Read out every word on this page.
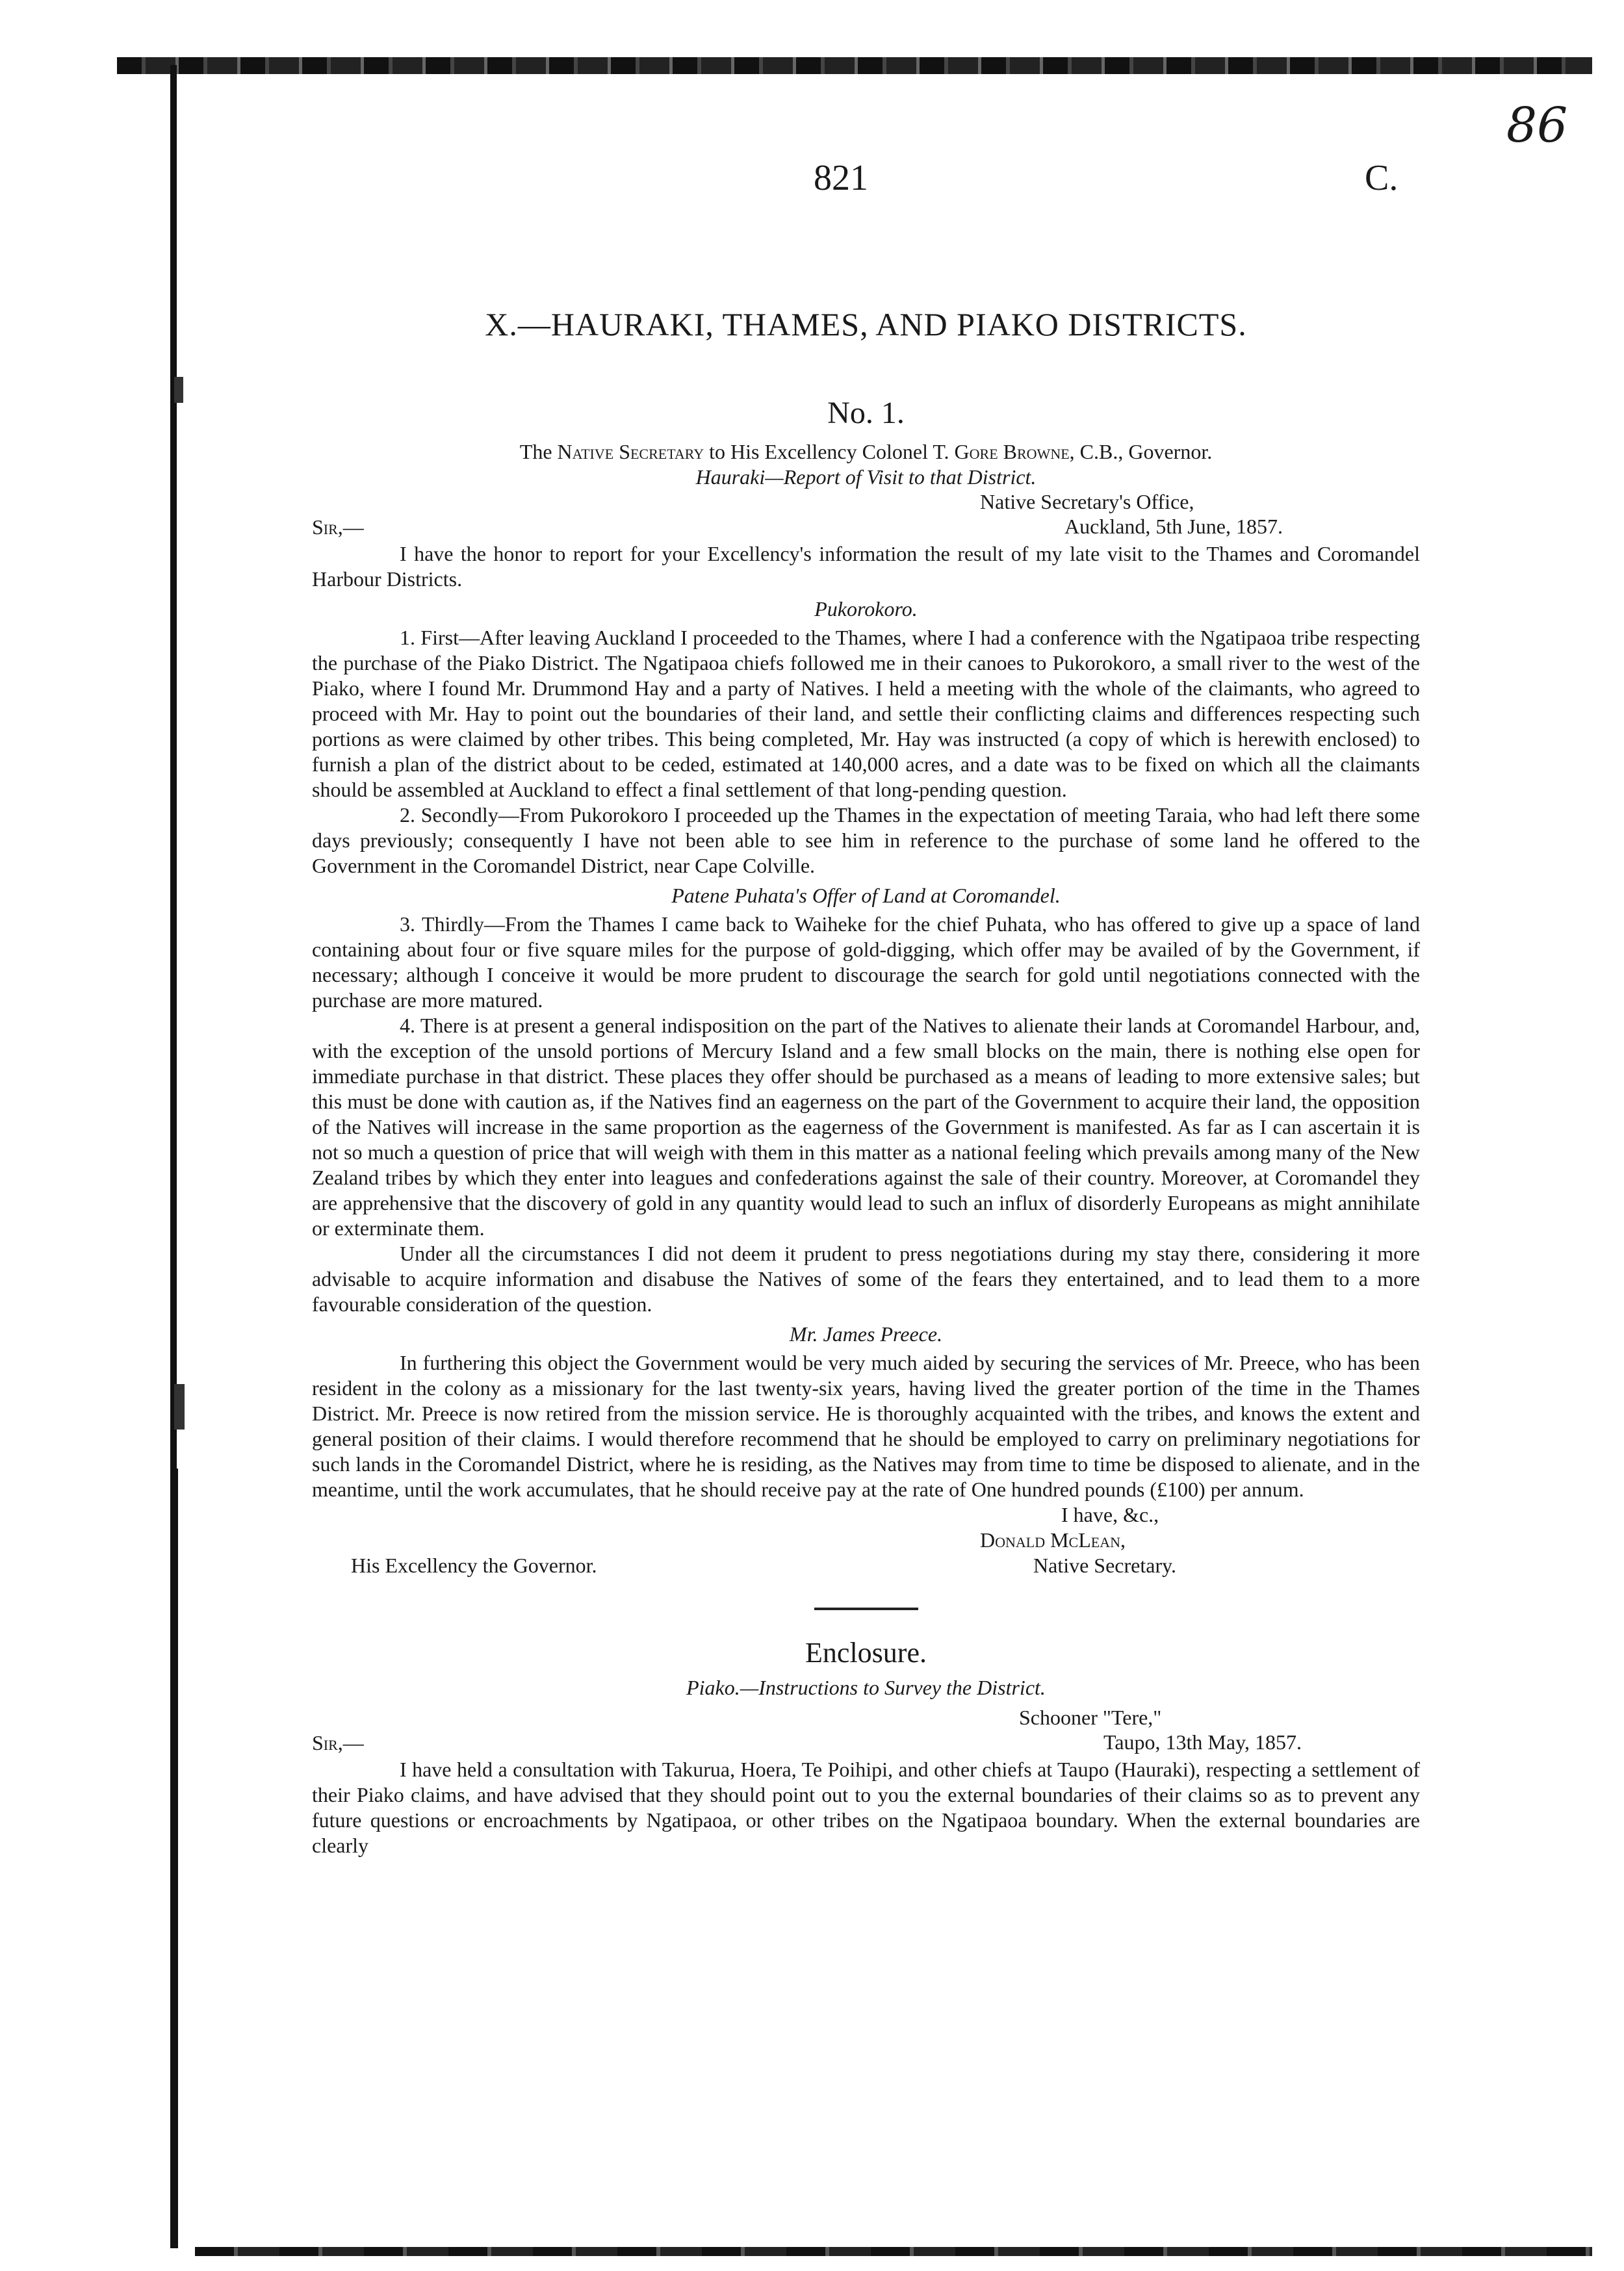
86
821	C.
X.—HAURAKI, THAMES, AND PIAKO DISTRICTS.
No. 1.
The Native Secretary to His Excellency Colonel T. Gore Browne, C.B., Governor.
Hauraki—Report of Visit to that District.
Native Secretary's Office,
Auckland, 5th June, 1857.
Sir,—

I have the honor to report for your Excellency's information the result of my late visit to the Thames and Coromandel Harbour Districts.

Pukorokoro.

1. First—After leaving Auckland I proceeded to the Thames, where I had a conference with the Ngatipaoa tribe respecting the purchase of the Piako District. The Ngatipaoa chiefs followed me in their canoes to Pukorokoro, a small river to the west of the Piako, where I found Mr. Drummond Hay and a party of Natives. I held a meeting with the whole of the claimants, who agreed to proceed with Mr. Hay to point out the boundaries of their land, and settle their conflicting claims and differences respecting such portions as were claimed by other tribes. This being completed, Mr. Hay was instructed (a copy of which is herewith enclosed) to furnish a plan of the district about to be ceded, estimated at 140,000 acres, and a date was to be fixed on which all the claimants should be assembled at Auckland to effect a final settlement of that long-pending question.

2. Secondly—From Pukorokoro I proceeded up the Thames in the expectation of meeting Taraia, who had left there some days previously; consequently I have not been able to see him in reference to the purchase of some land he offered to the Government in the Coromandel District, near Cape Colville.

Patene Puhata's Offer of Land at Coromandel.

3. Thirdly—From the Thames I came back to Waiheke for the chief Puhata, who has offered to give up a space of land containing about four or five square miles for the purpose of gold-digging, which offer may be availed of by the Government, if necessary; although I conceive it would be more prudent to discourage the search for gold until negotiations connected with the purchase are more matured.

4. There is at present a general indisposition on the part of the Natives to alienate their lands at Coromandel Harbour, and, with the exception of the unsold portions of Mercury Island and a few small blocks on the main, there is nothing else open for immediate purchase in that district. These places they offer should be purchased as a means of leading to more extensive sales; but this must be done with caution as, if the Natives find an eagerness on the part of the Government to acquire their land, the opposition of the Natives will increase in the same proportion as the eagerness of the Government is manifested. As far as I can ascertain it is not so much a question of price that will weigh with them in this matter as a national feeling which prevails among many of the New Zealand tribes by which they enter into leagues and confederations against the sale of their country. Moreover, at Coromandel they are apprehensive that the discovery of gold in any quantity would lead to such an influx of disorderly Europeans as might annihilate or exterminate them.

Under all the circumstances I did not deem it prudent to press negotiations during my stay there, considering it more advisable to acquire information and disabuse the Natives of some of the fears they entertained, and to lead them to a more favourable consideration of the question.

Mr. James Preece.

In furthering this object the Government would be very much aided by securing the services of Mr. Preece, who has been resident in the colony as a missionary for the last twenty-six years, having lived the greater portion of the time in the Thames District. Mr. Preece is now retired from the mission service. He is thoroughly acquainted with the tribes, and knows the extent and general position of their claims. I would therefore recommend that he should be employed to carry on preliminary negotiations for such lands in the Coromandel District, where he is residing, as the Natives may from time to time be disposed to alienate, and in the meantime, until the work accumulates, that he should receive pay at the rate of One hundred pounds (£100) per annum.

I have, &c.,
Donald McLean,
Native Secretary.
His Excellency the Governor.
Enclosure.
Piako.—Instructions to Survey the District.
Schooner "Tere,"
Taupo, 13th May, 1857.
Sir,—

I have held a consultation with Takurua, Hoera, Te Poihipi, and other chiefs at Taupo (Hauraki), respecting a settlement of their Piako claims, and have advised that they should point out to you the external boundaries of their claims so as to prevent any future questions or encroachments by Ngatipaoa, or other tribes on the Ngatipaoa boundary. When the external boundaries are clearly
